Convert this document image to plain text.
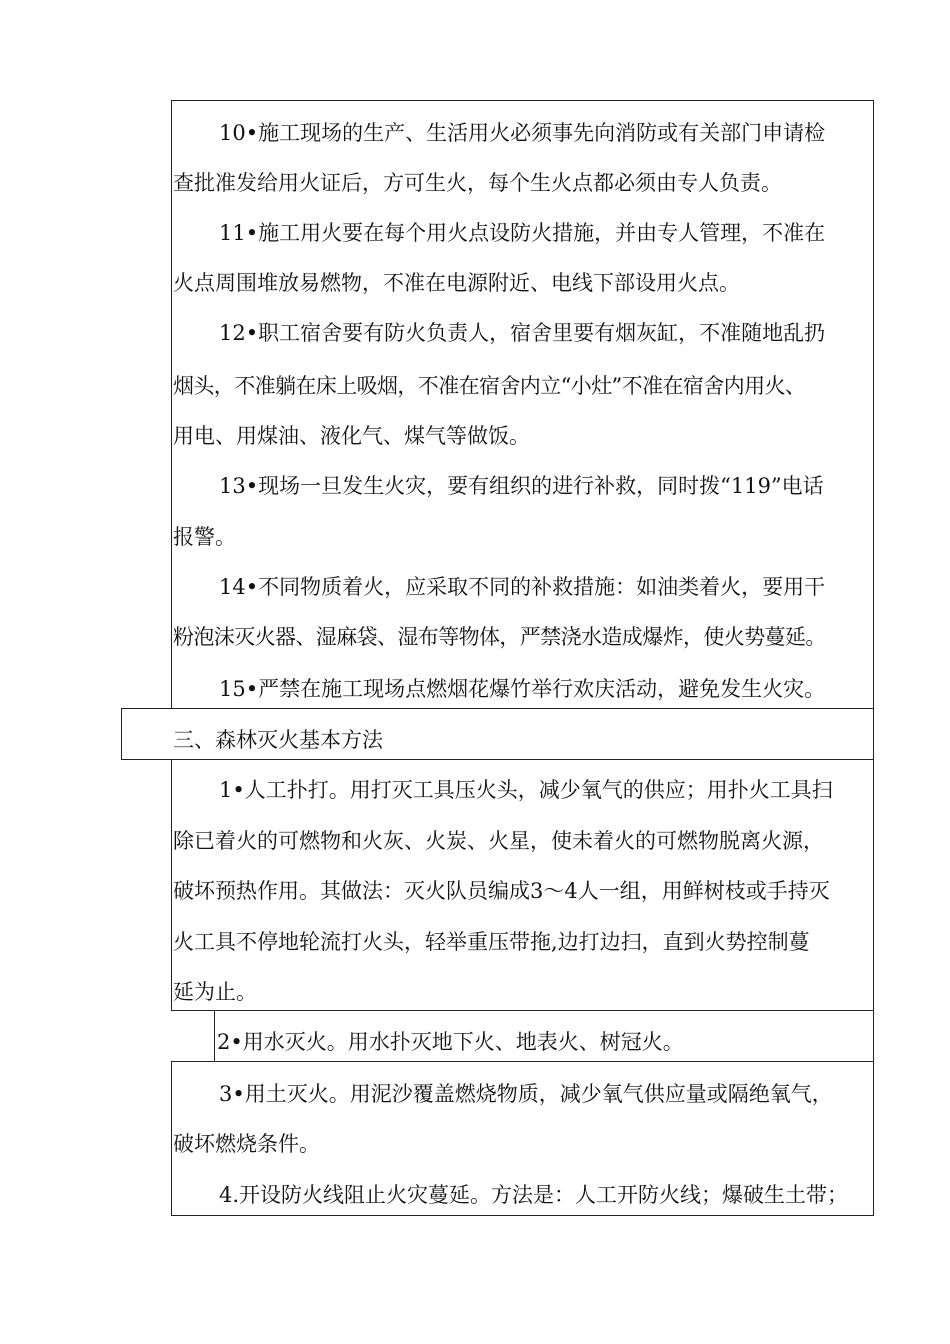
10•施工现场的生产、生活用火必须事先向消防或有关部门申请检
查批准发给用火证后，方可生火，每个生火点都必须由专人负责。
11•施工用火要在每个用火点设防火措施，并由专人管理，不准在
火点周围堆放易燃物，不准在电源附近、电线下部设用火点。
12•职工宿舍要有防火负责人，宿舍里要有烟灰缸，不准随地乱扔
烟头，不准躺在床上吸烟，不准在宿舍内立“小灶”不准在宿舍内用火、
用电、用煤油、液化气、煤气等做饭。
13•现场一旦发生火灾，要有组织的进行补救，同时拨“119”电话
报警。
14•不同物质着火，应采取不同的补救措施：如油类着火，要用干
粉泡沫灭火器、湿麻袋、湿布等物体，严禁浇水造成爆炸，使火势蔓延。
15•严禁在施工现场点燃烟花爆竹举行欢庆活动，避免发生火灾。
三、森林灭火基本方法
1•人工扑打。用打灭工具压火头，减少氧气的供应；用扑火工具扫
除已着火的可燃物和火灰、火炭、火星，使未着火的可燃物脱离火源，
破坏预热作用。其做法：灭火队员编成3〜4人一组，用鲜树枝或手持灭
火工具不停地轮流打火头，轻举重压带拖,边打边扫，直到火势控制蔓
延为止。
2•用水灭火。用水扑灭地下火、地表火、树冠火。
3•用土灭火。用泥沙覆盖燃烧物质，减少氧气供应量或隔绝氧气，
破坏燃烧条件。
4.开设防火线阻止火灾蔓延。方法是：人工开防火线；爆破生土带；
